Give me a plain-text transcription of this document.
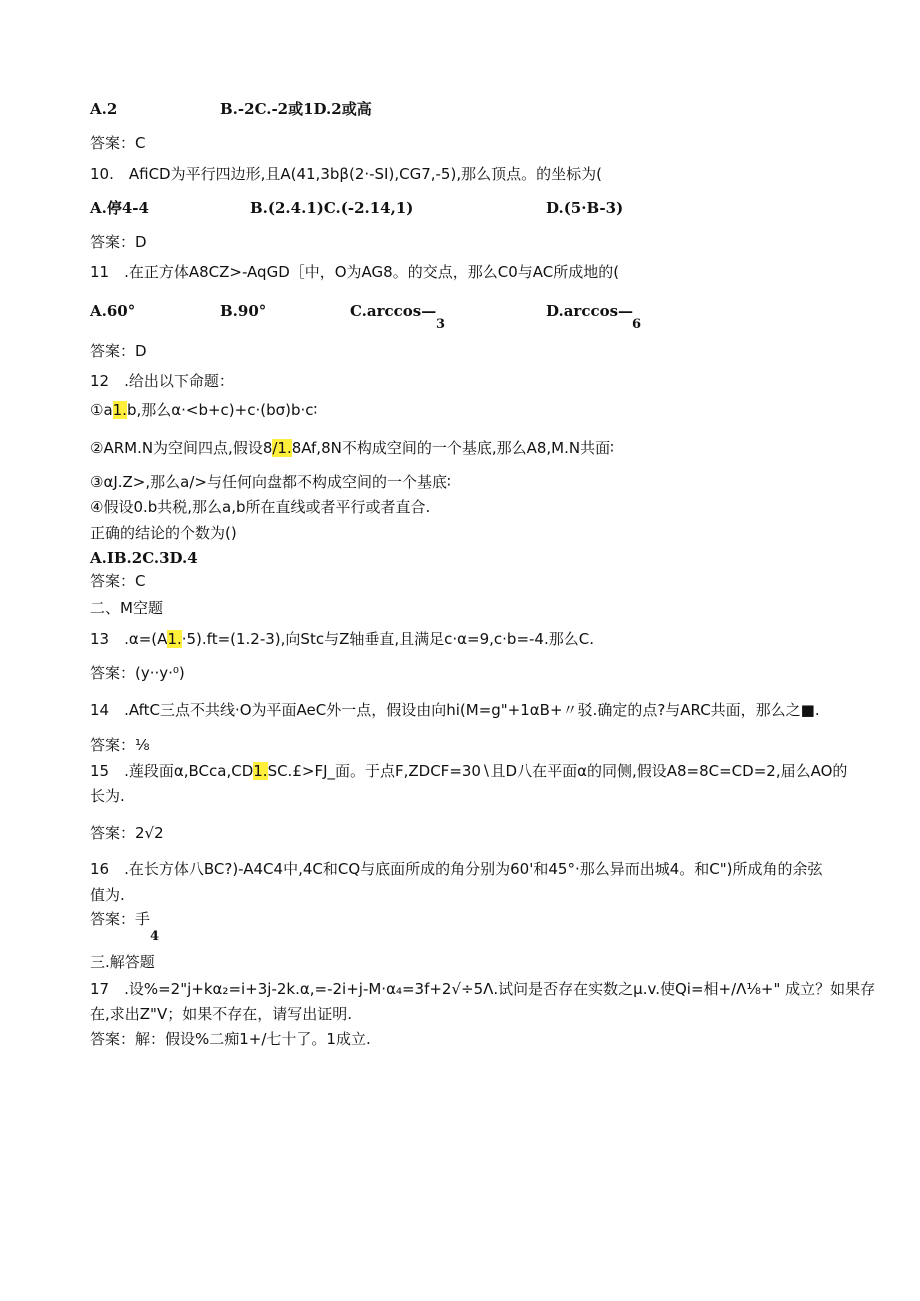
A.2	B.-2C.-2或1D.2或高
答案：C
10.　AfiCD为平行四边形,且A(41,3bβ(2·-SI),CG7,-5),那么顶点。的坐标为(
A.停4-4	B.(2.4.1)C.(-2.14,1)	D.(5·B-3)
答案：D
11　.在正方体A8CZ>-AqGD［中，O为AG8。的交点，那么C0与AC所成地的(
A.60°	B.90°	C.arccos—	D.arccos—
3	6
答案：D
12　.给出以下命题：
①a1.b,那么α·<b+c)+c·(bσ)b·c∶
②ARM.N为空间四点,假设8/1.8Af,8N不构成空间的一个基底,那么A8,M.N共面∶
③αJ.Z>,那么a/>与任何向盘都不构成空间的一个基底∶
④假设0.b共税,那么a,b所在直线或者平行或者直合.
正确的结论的个数为()
A.IB.2C.3D.4
答案：C
二、M空题
13　.α=(A1.·5).ft=(1.2-3),向Stc与Z轴垂直,且满足c·α=9,c·b=-4.那么C.
答案：(y··y·⁰)
14　.AftC三点不共线·O为平面AeC外一点，假设由向hi(M=g"+1αB+〃驳.确定的点?与ARC共面，那么之■.
答案：⅛
15　.莲段面α,BCca,CD1.SC.£>FJ_面。于点F,ZDCF=30∖且D八在平面α的同侧,假设A8=8C=CD=2,届么AO的
长为.
答案：2√2
16　.在长方体八BC?)-A4C4中,4C和CQ与底面所成的角分别为60'和45°·那么异而出城4。和C")所成角的余弦
值为.
答案：手
4
三.解答题
17　.设%=2"j+kα₂=i+3j-2k.α,=-2i+j-M·α₄=3f+2√÷5Λ.试问是否存在实数之μ.v.使Qi=相+/Λ⅛+" 成立？如果存
在,求出Z"V；如果不存在，请写出证明.
答案：解：假设%二痴1+/七十了。1成立.
